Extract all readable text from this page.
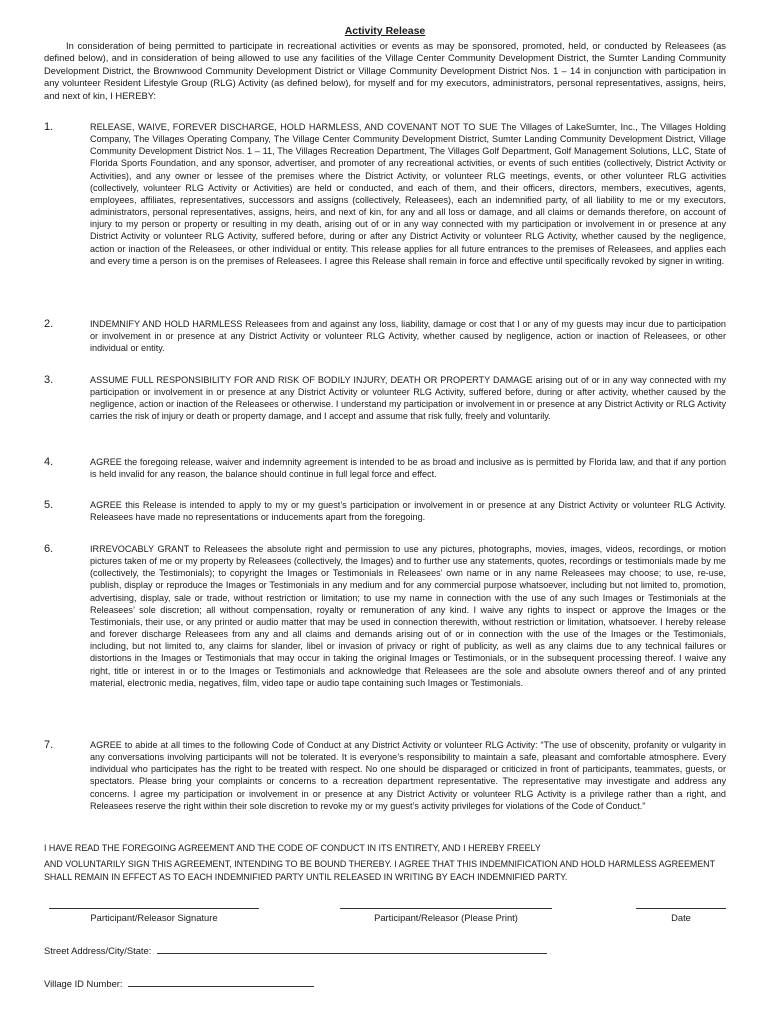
Activity Release
In consideration of being permitted to participate in recreational activities or events as may be sponsored, promoted, held, or conducted by Releasees (as defined below), and in consideration of being allowed to use any facilities of the Village Center Community Development District, the Sumter Landing Community Development District, the Brownwood Community Development District or Village Community Development District Nos. 1 – 14 in conjunction with participation in any volunteer Resident Lifestyle Group (RLG) Activity (as defined below), for myself and for my executors, administrators, personal representatives, assigns, heirs, and next of kin, I HEREBY:
1.	RELEASE, WAIVE, FOREVER DISCHARGE, HOLD HARMLESS, AND COVENANT NOT TO SUE The Villages of LakeSumter, Inc., The Villages Holding Company, The Villages Operating Company, The Village Center Community Development District, Sumter Landing Community Development District, Village Community Development District Nos. 1 – 11, The Villages Recreation Department, The Villages Golf Department, Golf Management Solutions, LLC, State of Florida Sports Foundation, and any sponsor, advertiser, and promoter of any recreational activities, or events of such entities (collectively, District Activity or Activities), and any owner or lessee of the premises where the District Activity, or volunteer RLG meetings, events, or other volunteer RLG activities (collectively, volunteer RLG Activity or Activities) are held or conducted, and each of them, and their officers, directors, members, executives, agents, employees, affiliates, representatives, successors and assigns (collectively, Releasees), each an indemnified party, of all liability to me or my executors, administrators, personal representatives, assigns, heirs, and next of kin, for any and all loss or damage, and all claims or demands therefore, on account of injury to my person or property or resulting in my death, arising out of or in any way connected with my participation or involvement in or presence at any District Activity or volunteer RLG Activity, suffered before, during or after any District Activity or volunteer RLG Activity, whether caused by the negligence, action or inaction of the Releasees, or other individual or entity. This release applies for all future entrances to the premises of Releasees, and applies each and every time a person is on the premises of Releasees. I agree this Release shall remain in force and effective until specifically revoked by signer in writing.
2.	INDEMNIFY AND HOLD HARMLESS Releasees from and against any loss, liability, damage or cost that I or any of my guests may incur due to participation or involvement in or presence at any District Activity or volunteer RLG Activity, whether caused by negligence, action or inaction of Releasees, or other individual or entity.
3.	ASSUME FULL RESPONSIBILITY FOR AND RISK OF BODILY INJURY, DEATH OR PROPERTY DAMAGE arising out of or in any way connected with my participation or involvement in or presence at any District Activity or volunteer RLG Activity, suffered before, during or after activity, whether caused by the negligence, action or inaction of the Releasees or otherwise. I understand my participation or involvement in or presence at any District Activity or RLG Activity carries the risk of injury or death or property damage, and I accept and assume that risk fully, freely and voluntarily.
4.	AGREE the foregoing release, waiver and indemnity agreement is intended to be as broad and inclusive as is permitted by Florida law, and that if any portion is held invalid for any reason, the balance should continue in full legal force and effect.
5.	AGREE this Release is intended to apply to my or my guest’s participation or involvement in or presence at any District Activity or volunteer RLG Activity. Releasees have made no representations or inducements apart from the foregoing.
6.	IRREVOCABLY GRANT to Releasees the absolute right and permission to use any pictures, photographs, movies, images, videos, recordings, or motion pictures taken of me or my property by Releasees (collectively, the Images) and to further use any statements, quotes, recordings or testimonials made by me (collectively, the Testimonials); to copyright the Images or Testimonials in Releasees’ own name or in any name Releasees may choose; to use, re-use, publish, display or reproduce the Images or Testimonials in any medium and for any commercial purpose whatsoever, including but not limited to, promotion, advertising, display, sale or trade, without restriction or limitation; to use my name in connection with the use of any such Images or Testimonials at the Releasees’ sole discretion; all without compensation, royalty or remuneration of any kind. I waive any rights to inspect or approve the Images or the Testimonials, their use, or any printed or audio matter that may be used in connection therewith, without restriction or limitation, whatsoever. I hereby release and forever discharge Releasees from any and all claims and demands arising out of or in connection with the use of the Images or the Testimonials, including, but not limited to, any claims for slander, libel or invasion of privacy or right of publicity, as well as any claims due to any technical failures or distortions in the Images or Testimonials that may occur in taking the original Images or Testimonials, or in the subsequent processing thereof. I waive any right, title or interest in or to the Images or Testimonials and acknowledge that Releasees are the sole and absolute owners thereof and of any printed material, electronic media, negatives, film, video tape or audio tape containing such Images or Testimonials.
7.	AGREE to abide at all times to the following Code of Conduct at any District Activity or volunteer RLG Activity: “The use of obscenity, profanity or vulgarity in any conversations involving participants will not be tolerated. It is everyone’s responsibility to maintain a safe, pleasant and comfortable atmosphere. Every individual who participates has the right to be treated with respect. No one should be disparaged or criticized in front of participants, teammates, guests, or spectators. Please bring your complaints or concerns to a recreation department representative. The representative may investigate and address any concerns. I agree my participation or involvement in or presence at any District Activity or volunteer RLG Activity is a privilege rather than a right, and Releasees reserve the right within their sole discretion to revoke my or my guest’s activity privileges for violations of the Code of Conduct.”
I HAVE READ THE FOREGOING AGREEMENT AND THE CODE OF CONDUCT IN ITS ENTIRETY, AND I HEREBY FREELY
AND VOLUNTARILY SIGN THIS AGREEMENT, INTENDING TO BE BOUND THEREBY. I AGREE THAT THIS INDEMNIFICATION AND HOLD HARMLESS AGREEMENT SHALL REMAIN IN EFFECT AS TO EACH INDEMNIFIED PARTY UNTIL RELEASED IN WRITING BY EACH INDEMNIFIED PARTY.
Participant/Releasor Signature	Participant/Releasor (Please Print)	Date
Street Address/City/State:
Village ID Number:
